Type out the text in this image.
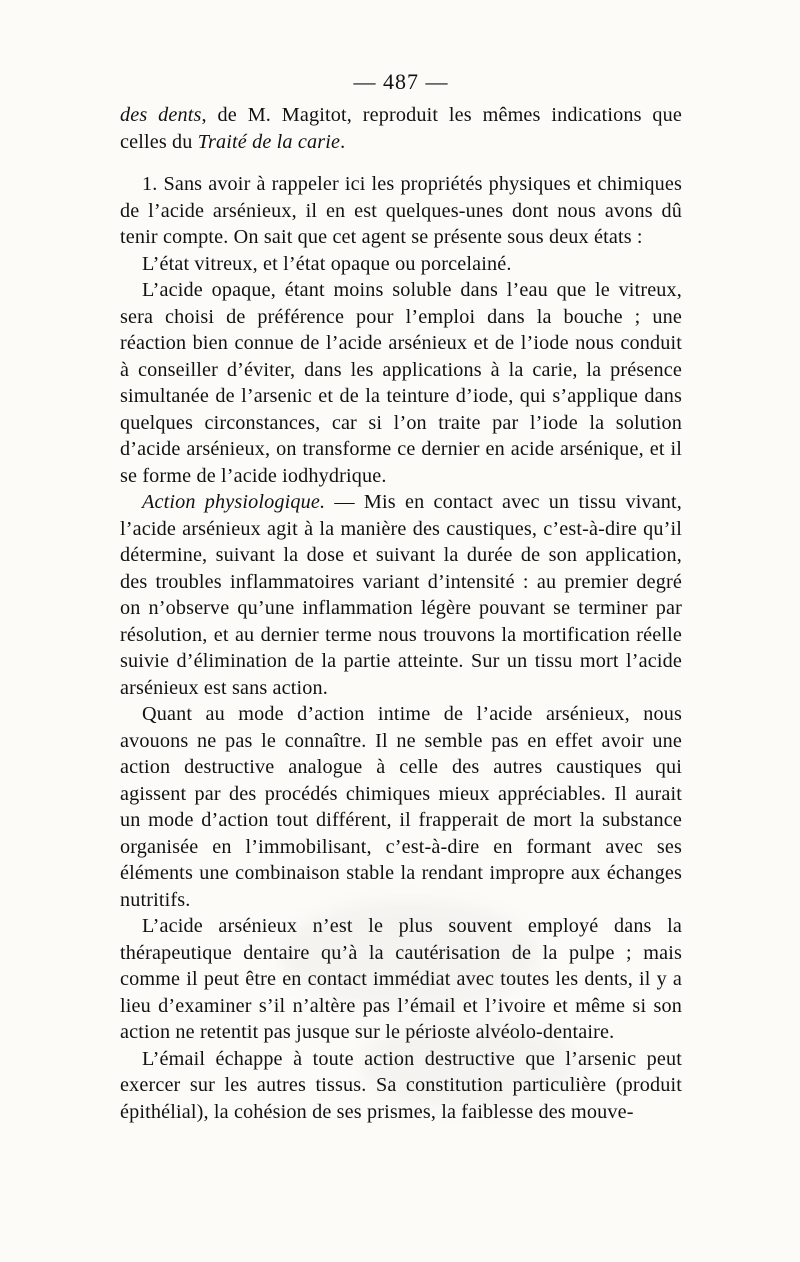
— 487 —

des dents, de M. Magitot, reproduit les mêmes indications que celles du Traité de la carie.

1. Sans avoir à rappeler ici les propriétés physiques et chimiques de l’acide arsénieux, il en est quelques-unes dont nous avons dû tenir compte. On sait que cet agent se présente sous deux états :

L’état vitreux, et l’état opaque ou porcelainé.

L’acide opaque, étant moins soluble dans l’eau que le vitreux, sera choisi de préférence pour l’emploi dans la bouche ; une réaction bien connue de l’acide arsénieux et de l’iode nous conduit à conseiller d’éviter, dans les applications à la carie, la présence simultanée de l’arsenic et de la teinture d’iode, qui s’applique dans quelques circonstances, car si l’on traite par l’iode la solution d’acide arsénieux, on transforme ce dernier en acide arsénique, et il se forme de l’acide iodhydrique.

Action physiologique. — Mis en contact avec un tissu vivant, l’acide arsénieux agit à la manière des caustiques, c’est-à-dire qu’il détermine, suivant la dose et suivant la durée de son application, des troubles inflammatoires variant d’intensité : au premier degré on n’observe qu’une inflammation légère pouvant se terminer par résolution, et au dernier terme nous trouvons la mortification réelle suivie d’élimination de la partie atteinte. Sur un tissu mort l’acide arsénieux est sans action.

Quant au mode d’action intime de l’acide arsénieux, nous avouons ne pas le connaître. Il ne semble pas en effet avoir une action destructive analogue à celle des autres caustiques qui agissent par des procédés chimiques mieux appréciables. Il aurait un mode d’action tout différent, il frapperait de mort la substance organisée en l’immobilisant, c’est-à-dire en formant avec ses éléments une combinaison stable la rendant impropre aux échanges nutritifs.

L’acide arsénieux n’est le plus souvent employé dans la thérapeutique dentaire qu’à la cautérisation de la pulpe ; mais comme il peut être en contact immédiat avec toutes les dents, il y a lieu d’examiner s’il n’altère pas l’émail et l’ivoire et même si son action ne retentit pas jusque sur le périoste alvéolo-dentaire.

L’émail échappe à toute action destructive que l’arsenic peut exercer sur les autres tissus. Sa constitution particulière (produit épithélial), la cohésion de ses prismes, la faiblesse des mouve-
